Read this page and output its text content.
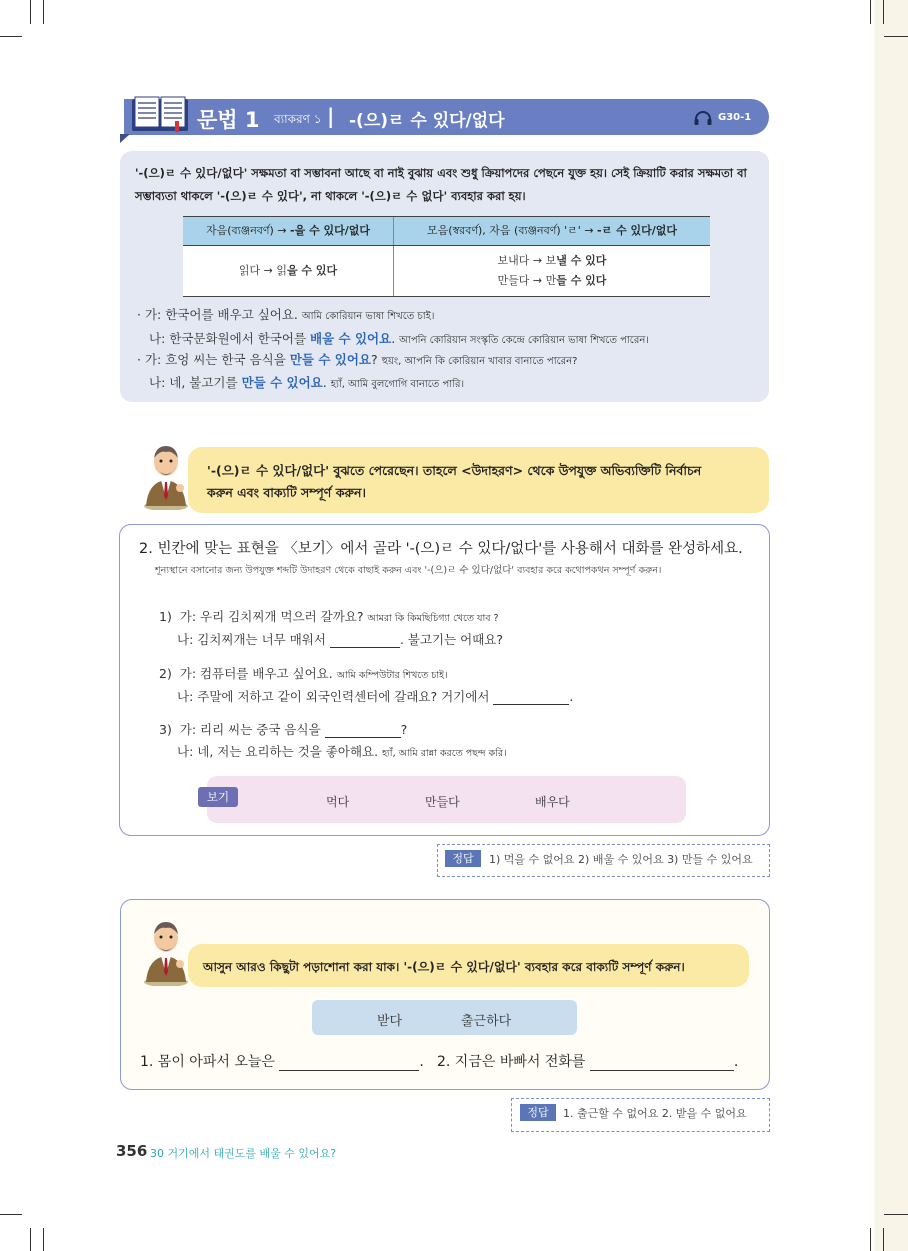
문법 1 ব্যাকরণ ১ | -(으)ㄹ 수 있다/없다	G30-1
'-(으)ㄹ 수 있다/없다' সক্ষমতা বা সম্ভাবনা আছে বা নাই বুঝায় এবং শুধু ক্রিয়াপদের পেছনে যুক্ত হয়। সেই ক্রিয়াটি করার সক্ষমতা বা সম্ভাব্যতা থাকলে '-(으)ㄹ 수 있다', না থাকলে '-(으)ㄹ 수 없다' ব্যবহার করা হয়।
자음(ব্যঞ্জনবর্ণ) → -을 수 있다/없다	모음(স্বরবর্ণ), 자음 (ব্যঞ্জনবর্ণ) 'ㄹ' → -ㄹ 수 있다/없다
읽다 → 읽을 수 있다	보내다 → 보낼 수 있다
만들다 → 만들 수 있다
· 가: 한국어를 배우고 싶어요. আমি কোরিয়ান ভাষা শিখতে চাই।
나: 한국문화원에서 한국어를 배울 수 있어요. আপনি কোরিয়ান সংস্কৃতি কেন্দ্রে কোরিয়ান ভাষা শিখতে পারেন।
· 가: 흐엉 씨는 한국 음식을 만들 수 있어요? হুয়ং, আপনি কি কোরিয়ান খাবার বানাতে পারেন?
나: 네, 불고기를 만들 수 있어요. হ্যাঁ, আমি বুলগোগি বানাতে পারি।
'-(으)ㄹ 수 있다/없다' বুঝতে পেরেছেন। তাহলে <উদাহরণ> থেকে উপযুক্ত অভিব্যক্তিটি নির্বাচন
করুন এবং বাক্যটি সম্পূর্ণ করুন।
2. 빈칸에 맞는 표현을 〈보기〉에서 골라 '-(으)ㄹ 수 있다/없다'를 사용해서 대화를 완성하세요.
শূন্যস্থানে বসানোর জন্য উপযুক্ত শব্দটি উদাহরণ থেকে বাছাই করুন এবং '-(으)ㄹ 수 있다/없다' ব্যবহার করে কথোপকথন সম্পূর্ণ করুন।
1) 가: 우리 김치찌개 먹으러 갈까요? আমরা কি কিমছিচিগ্যা খেতে যাব ?
나: 김치찌개는 너무 매워서	. 불고기는 어때요?
2) 가: 컴퓨터를 배우고 싶어요. আমি কম্পিউটার শিখতে চাই।
나: 주말에 저하고 같이 외국인력센터에 갈래요? 거기에서	.
3) 가: 리리 씨는 중국 음식을	?
나: 네, 저는 요리하는 것을 좋아해요. হ্যাঁ, আমি রান্না করতে পছন্দ করি।
보기	먹다	만들다	배우다
정답	1) 먹을 수 없어요 2) 배울 수 있어요 3) 만들 수 있어요
আসুন আরও কিছুটা পড়াশোনা করা যাক। '-(으)ㄹ 수 있다/없다' ব্যবহার করে বাক্যটি সম্পূর্ণ করুন।
받다	출근하다
1. 몸이 아파서 오늘은	. 2. 지금은 바빠서 전화를	.
정답	1. 출근할 수 없어요 2. 받을 수 없어요
356 30 거기에서 태권도를 배울 수 있어요?
